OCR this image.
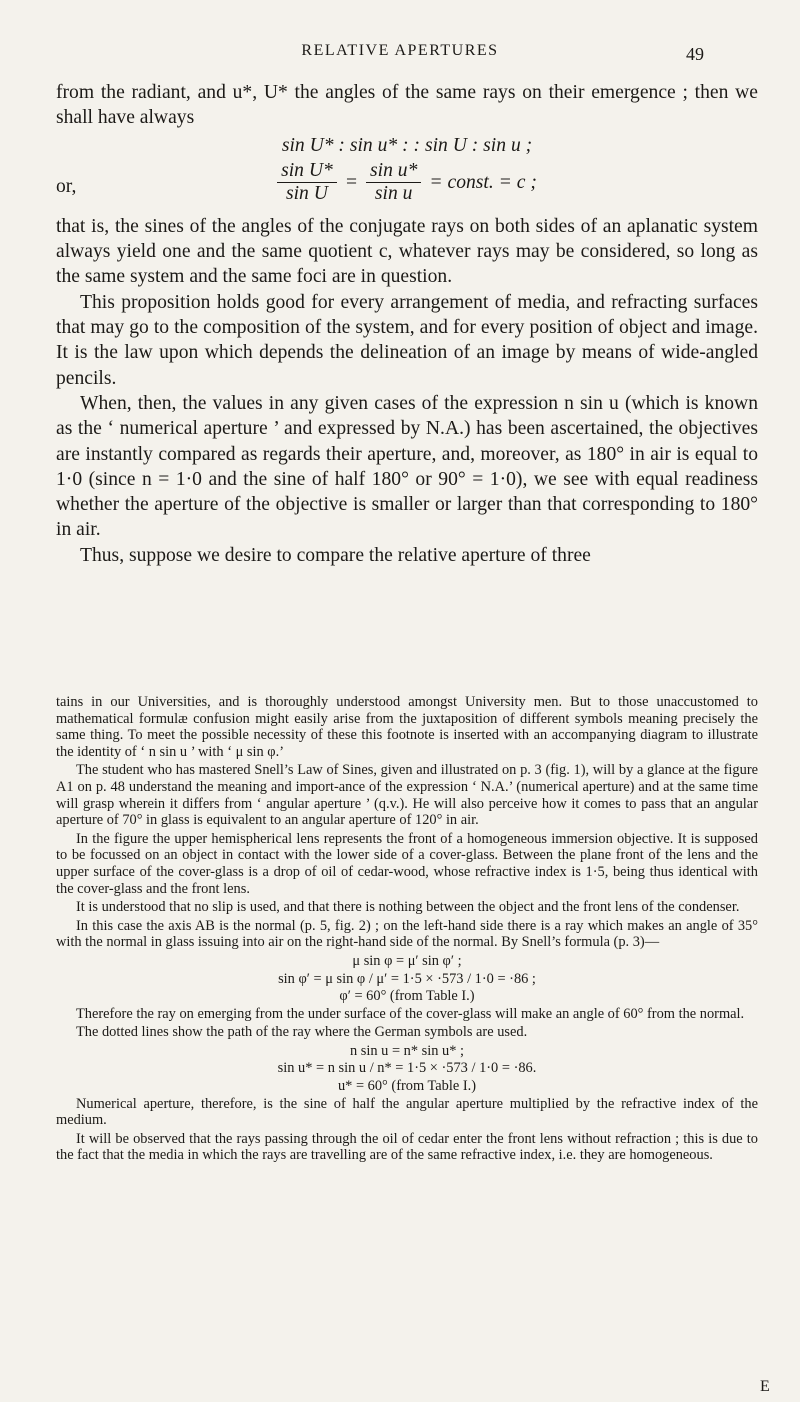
RELATIVE APERTURES	49

from the radiant, and u*, U* the angles of the same rays on their emergence ; then we shall have always

sin U* : sin u* : : sin U : sin u ;
or,	$\frac{\text{sin U*}}{\text{sin U}} = \frac{\text{sin u*}}{\text{sin u}}$ = const. = c ;

that is, the sines of the angles of the conjugate rays on both sides of an aplanatic system always yield one and the same quotient c, whatever rays may be considered, so long as the same system and the same foci are in question.

This proposition holds good for every arrangement of media, and refracting surfaces that may go to the composition of the system, and for every position of object and image. It is the law upon which depends the delineation of an image by means of wide-angled pencils.

When, then, the values in any given cases of the expression n sin u (which is known as the ‘ numerical aperture ’ and expressed by N.A.) has been ascertained, the objectives are instantly compared as regards their aperture, and, moreover, as 180° in air is equal to 1·0 (since n = 1·0 and the sine of half 180° or 90° = 1·0), we see with equal readiness whether the aperture of the objective is smaller or larger than that corresponding to 180° in air.

Thus, suppose we desire to compare the relative aperture of three

tains in our Universities, and is thoroughly understood amongst University men. But to those unaccustomed to mathematical formulæ confusion might easily arise from the juxtaposition of different symbols meaning precisely the same thing. To meet the possible necessity of these this footnote is inserted with an accompanying diagram to illustrate the identity of ‘ n sin u ’ with ‘ μ sin φ.’

The student who has mastered Snell’s Law of Sines, given and illustrated on p. 3 (fig. 1), will by a glance at the figure A1 on p. 48 understand the meaning and import-ance of the expression ‘ N.A.’ (numerical aperture) and at the same time will grasp wherein it differs from ‘ angular aperture ’ (q.v.). He will also perceive how it comes to pass that an angular aperture of 70° in glass is equivalent to an angular aperture of 120° in air.

In the figure the upper hemispherical lens represents the front of a homogeneous immersion objective. It is supposed to be focussed on an object in contact with the lower side of a cover-glass. Between the plane front of the lens and the upper surface of the cover-glass is a drop of oil of cedar-wood, whose refractive index is 1·5, being thus identical with the cover-glass and the front lens.

It is understood that no slip is used, and that there is nothing between the object and the front lens of the condenser.

In this case the axis AB is the normal (p. 5, fig. 2) ; on the left-hand side there is a ray which makes an angle of 35° with the normal in glass issuing into air on the right-hand side of the normal. By Snell’s formula (p. 3)—

μ sin φ = μ′ sin φ′ ;

sin φ′ = μ sin φ / μ′ = 1·5 × ·573 / 1·0 = ·86 ;

φ′ = 60° (from Table I.)

Therefore the ray on emerging from the under surface of the cover-glass will make an angle of 60° from the normal.

The dotted lines show the path of the ray where the German symbols are used.

n sin u = n* sin u* ;

sin u* = n sin u / n* = 1·5 × ·573 / 1·0 = ·86.

u* = 60° (from Table I.)

Numerical aperture, therefore, is the sine of half the angular aperture multiplied by the refractive index of the medium.

It will be observed that the rays passing through the oil of cedar enter the front lens without refraction ; this is due to the fact that the media in which the rays are travelling are of the same refractive index, i.e. they are homogeneous.

E
